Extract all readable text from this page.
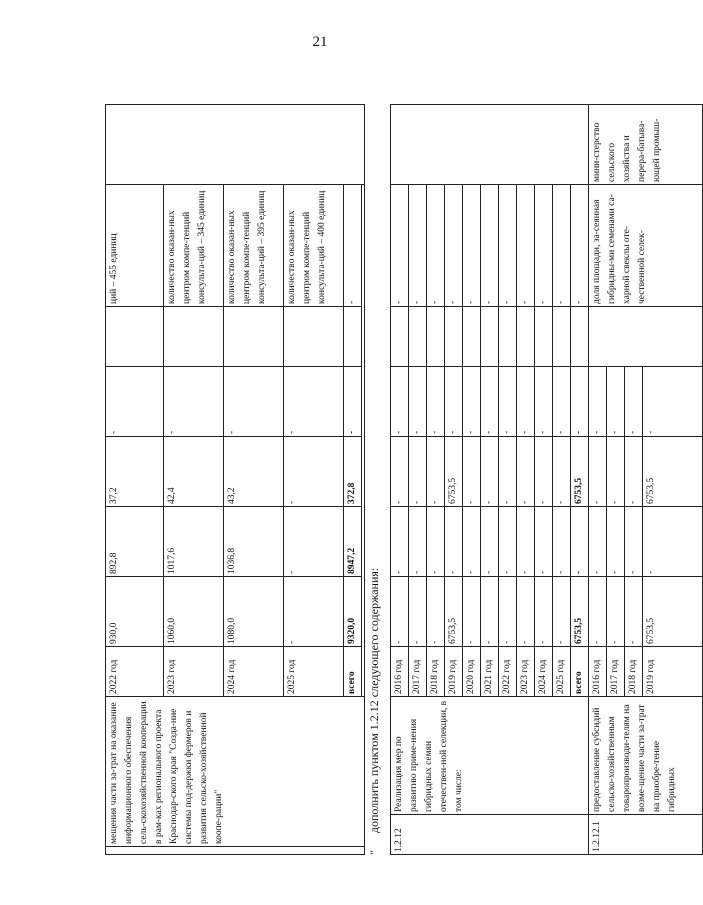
21
	мещения части за-трат на оказание информационного обеспечения сель-скохозяйственной кооперации в рам-ках регионального проекта Краснодар-ского края "Созда-ние системы под-держки фермеров и развития сельско-хозяйственной коопе-рации"	2022 год	930,0	892,8	37,2	-		ций – 455 единиц	
		2023 год	1060,0	1017,6	42,4	-		количество оказан-ных центром компе-тенций консульта-ций – 345 единиц	
		2024 год	1080,0	1036,8	43,2	-		количество оказан-ных центром компе-тенций консульта-ций – 395 единиц	
		2025 год	-	-	-	-		количество оказан-ных центром компе-тенций консульта-ций – 400 единиц	
		всего	9320,0	8947,2	372,8	-		-	

" дополнить пунктом 1.2.12 следующего содержания:
1.2.12	Реализация мер по развитию приме-нения гибридных семян отечествен-ной селекции, в том числе:	2016 год	-	-	-	-		-	
		2017 год	-	-	-	-		-	
		2018 год	-	-	-	-		-	
		2019 год	6753,5	-	6753,5	-		-	
		2020 год	-	-	-	-		-	
		2021 год	-	-	-	-		-	
		2022 год	-	-	-	-		-	
		2023 год	-	-	-	-		-	
		2024 год	-	-	-	-		-	
		2025 год	-	-	-	-		-	
		всего	6753,5	-	6753,5	-		-	
1.2.12.1	предоставление субсидий сельско-хозяйственным товаропроизводи-телям на возме-щение части за-трат на приобре-тение гибридных	2016 год	-	-	-	-		доля площади, за-сеянная гибридны-ми семенами са-харной свеклы оте-чественной селек-	мини-стерство сельского хозяйства и перера-батыва-ющей промыш-
		2017 год	-	-	-	-			
		2018 год	-	-	-	-			
		2019 год	6753,5	-	6753,5	-			
